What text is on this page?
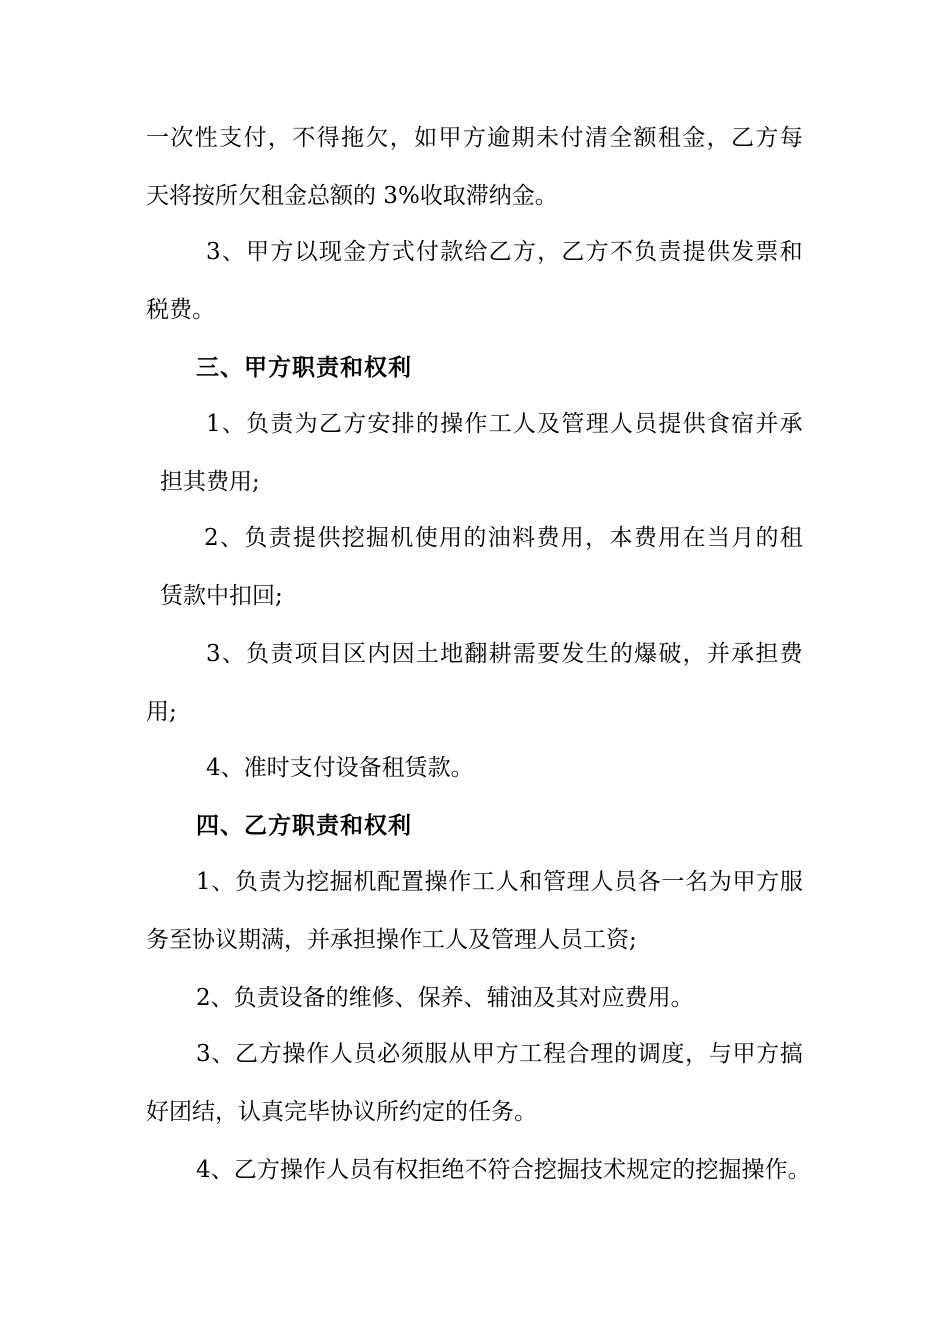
一 次 性 支 付 ， 不 得 拖 欠 ， 如 甲 方 逾 期 未 付 清 全 额 租 金 ， 乙 方 每
天将按所欠租金总额的 3%收取滞纳金。
3 、 甲 方 以 现 金 方 式 付 款 给 乙 方 ， 乙 方 不 负 责 提 供 发 票 和
税费。
三、甲方职责和权利
1 、 负 责 为 乙 方 安 排 的 操 作 工 人 及 管 理 人 员 提 供 食 宿 并 承
担其费用;
2 、 负 责 提 供 挖 掘 机 使 用 的 油 料 费 用 ， 本 费 用 在 当 月 的 租
赁款中扣回;
3 、 负 责 项 目 区 内 因 土 地 翻 耕 需 要 发 生 的 爆 破 ， 并 承 担 费
用;
4、准时支付设备租赁款。
四、乙方职责和权利
1 、 负 责 为 挖 掘 机 配 置 操 作 工 人 和 管 理 人 员 各 一 名 为 甲 方 服
务至协议期满，并承担操作工人及管理人员工资;
2、负责设备的维修、保养、辅油及其对应费用。
3 、 乙 方 操 作 人 员 必 须 服 从 甲 方 工 程 合 理 的 调 度 ， 与 甲 方 搞
好团结，认真完毕协议所约定的任务。
4 、 乙 方 操 作 人 员 有 权 拒 绝 不 符 合 挖 掘 技 术 规 定 的 挖 掘 操 作 。
